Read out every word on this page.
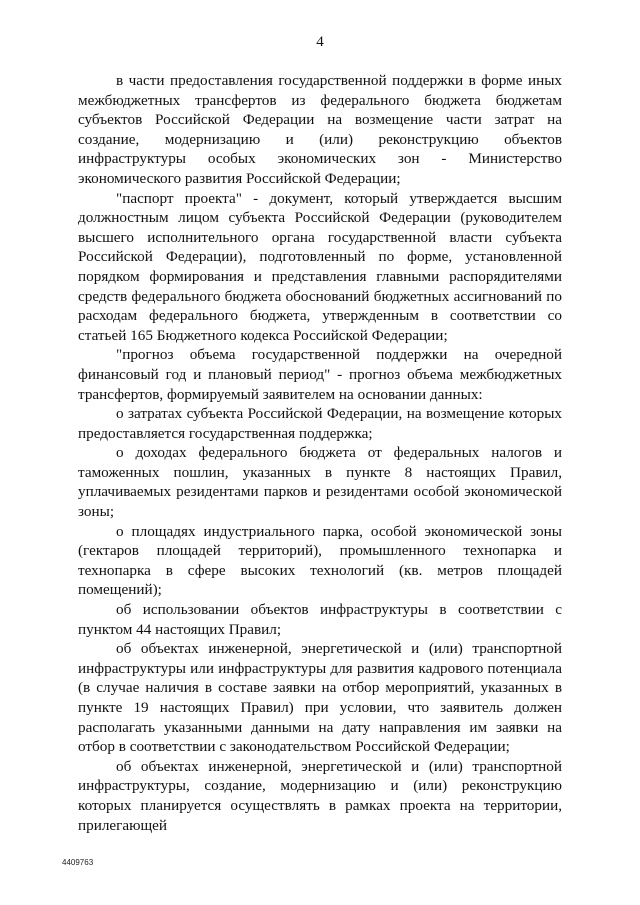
4

в части предоставления государственной поддержки в форме иных межбюджетных трансфертов из федерального бюджета бюджетам субъектов Российской Федерации на возмещение части затрат на создание, модернизацию и (или) реконструкцию объектов инфраструктуры особых экономических зон - Министерство экономического развития Российской Федерации;

"паспорт проекта" - документ, который утверждается высшим должностным лицом субъекта Российской Федерации (руководителем высшего исполнительного органа государственной власти субъекта Российской Федерации), подготовленный по форме, установленной порядком формирования и представления главными распорядителями средств федерального бюджета обоснований бюджетных ассигнований по расходам федерального бюджета, утвержденным в соответствии со статьей 165 Бюджетного кодекса Российской Федерации;

"прогноз объема государственной поддержки на очередной финансовый год и плановый период" - прогноз объема межбюджетных трансфертов, формируемый заявителем на основании данных:

о затратах субъекта Российской Федерации, на возмещение которых предоставляется государственная поддержка;

о доходах федерального бюджета от федеральных налогов и таможенных пошлин, указанных в пункте 8 настоящих Правил, уплачиваемых резидентами парков и резидентами особой экономической зоны;

о площадях индустриального парка, особой экономической зоны (гектаров площадей территорий), промышленного технопарка и технопарка в сфере высоких технологий (кв. метров площадей помещений);

об использовании объектов инфраструктуры в соответствии с пунктом 44 настоящих Правил;

об объектах инженерной, энергетической и (или) транспортной инфраструктуры или инфраструктуры для развития кадрового потенциала (в случае наличия в составе заявки на отбор мероприятий, указанных в пункте 19 настоящих Правил) при условии, что заявитель должен располагать указанными данными на дату направления им заявки на отбор в соответствии с законодательством Российской Федерации;

об объектах инженерной, энергетической и (или) транспортной инфраструктуры, создание, модернизацию и (или) реконструкцию которых планируется осуществлять в рамках проекта на территории, прилегающей

4409763
